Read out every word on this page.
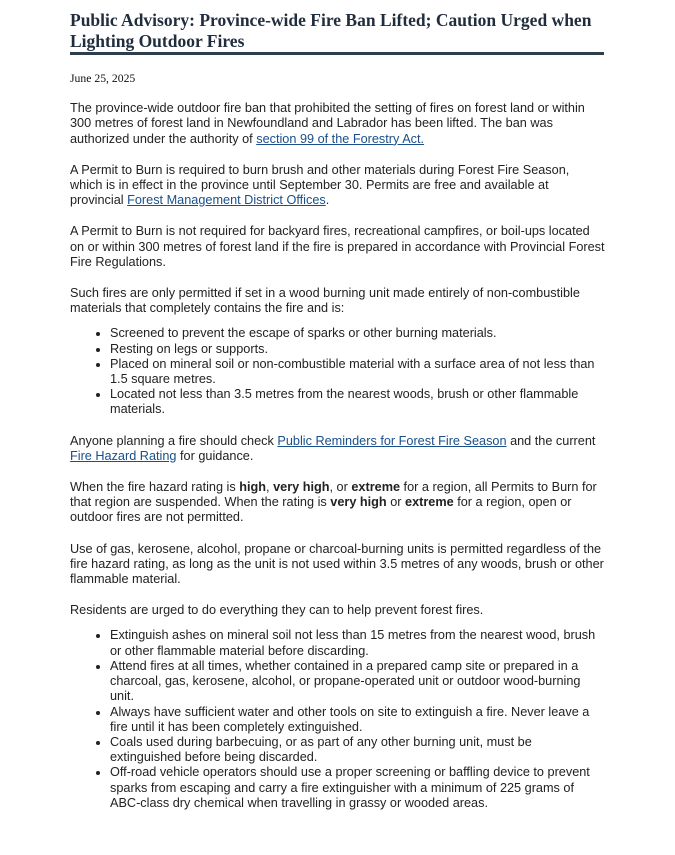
Public Advisory: Province-wide Fire Ban Lifted; Caution Urged when Lighting Outdoor Fires
June 25, 2025

The province-wide outdoor fire ban that prohibited the setting of fires on forest land or within 300 metres of forest land in Newfoundland and Labrador has been lifted. The ban was authorized under the authority of section 99 of the Forestry Act.

A Permit to Burn is required to burn brush and other materials during Forest Fire Season, which is in effect in the province until September 30. Permits are free and available at provincial Forest Management District Offices.

A Permit to Burn is not required for backyard fires, recreational campfires, or boil-ups located on or within 300 metres of forest land if the fire is prepared in accordance with Provincial Forest Fire Regulations.

Such fires are only permitted if set in a wood burning unit made entirely of non-combustible materials that completely contains the fire and is:

• Screened to prevent the escape of sparks or other burning materials.
• Resting on legs or supports.
• Placed on mineral soil or non-combustible material with a surface area of not less than 1.5 square metres.
• Located not less than 3.5 metres from the nearest woods, brush or other flammable materials.

Anyone planning a fire should check Public Reminders for Forest Fire Season and the current Fire Hazard Rating for guidance.

When the fire hazard rating is high, very high, or extreme for a region, all Permits to Burn for that region are suspended. When the rating is very high or extreme for a region, open or outdoor fires are not permitted.

Use of gas, kerosene, alcohol, propane or charcoal-burning units is permitted regardless of the fire hazard rating, as long as the unit is not used within 3.5 metres of any woods, brush or other flammable material.

Residents are urged to do everything they can to help prevent forest fires.

• Extinguish ashes on mineral soil not less than 15 metres from the nearest wood, brush or other flammable material before discarding.
• Attend fires at all times, whether contained in a prepared camp site or prepared in a charcoal, gas, kerosene, alcohol, or propane-operated unit or outdoor wood-burning unit.
• Always have sufficient water and other tools on site to extinguish a fire. Never leave a fire until it has been completely extinguished.
• Coals used during barbecuing, or as part of any other burning unit, must be extinguished before being discarded.
• Off-road vehicle operators should use a proper screening or baffling device to prevent sparks from escaping and carry a fire extinguisher with a minimum of 225 grams of ABC-class dry chemical when travelling in grassy or wooded areas.
